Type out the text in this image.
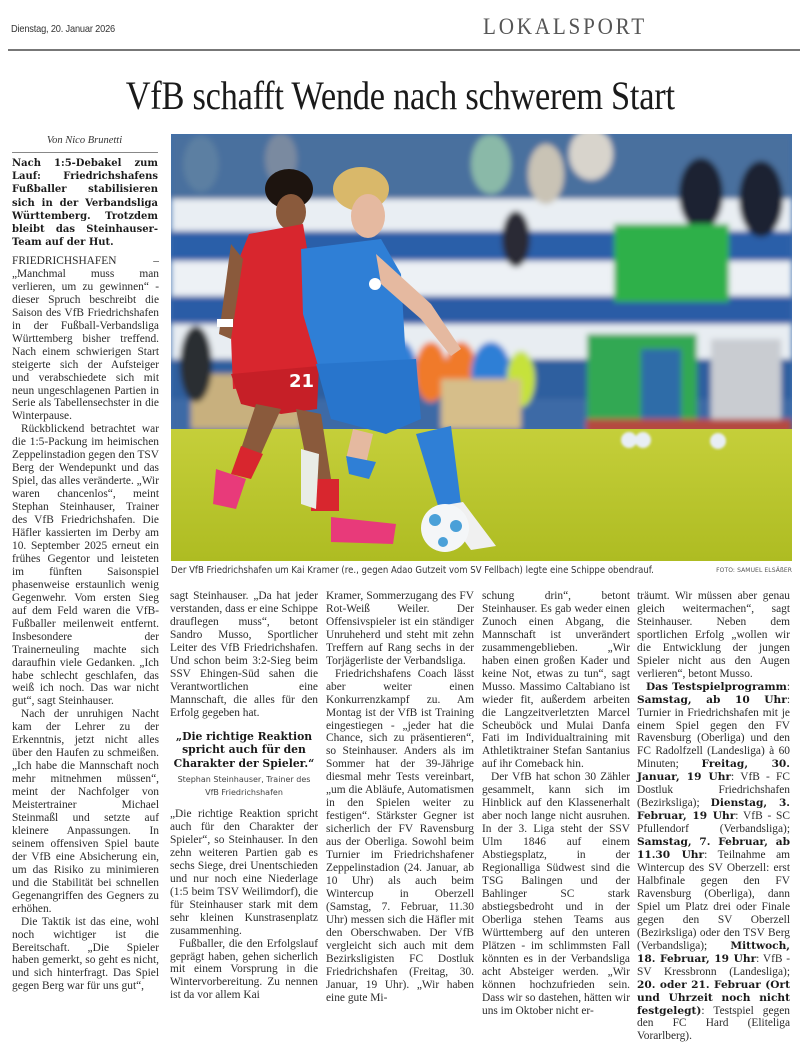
Dienstag, 20. Januar 2026	LOKALSPORT
VfB schafft Wende nach schwerem Start
Von Nico Brunetti
Nach 1:5-Debakel zum Lauf: Friedrichshafens Fußballer stabilisieren sich in der Verbandsliga Württemberg. Trotzdem bleibt das Steinhauser-Team auf der Hut.

FRIEDRICHSHAFEN	– „Manchmal muss man verlieren, um zu gewinnen“ - dieser Spruch beschreibt die Saison des VfB Friedrichshafen in der Fußball-Verbandsliga Württemberg bisher treffend. Nach einem schwierigen Start steigerte sich der Aufsteiger und verabschiedete sich mit neun ungeschlagenen Partien in Serie als Tabellensechster in die Winterpause.

Rückblickend betrachtet war die 1:5-Packung im heimischen Zeppelinstadion gegen den TSV Berg der Wendepunkt und das Spiel, das alles veränderte. „Wir waren chancenlos“, meint Stephan Steinhauser, Trainer des VfB Friedrichshafen. Die Häfler kassierten im Derby am 10. September 2025 erneut ein frühes Gegentor und leisteten im fünften Saisonspiel phasenweise erstaunlich wenig Gegenwehr. Vom ersten Sieg auf dem Feld waren die VfB-Fußballer meilenweit entfernt. Insbesondere der Trainerneuling machte sich daraufhin viele Gedanken. „Ich habe schlecht geschlafen, das weiß ich noch. Das war nicht gut“, sagt Steinhauser.

Nach der unruhigen Nacht kam der Lehrer zu der Erkenntnis, jetzt nicht alles über den Haufen zu schmeißen. „Ich habe die Mannschaft noch mehr mitnehmen müssen“, meint der Nachfolger von Meistertrainer Michael Steinmaßl und setzte auf kleinere Anpassungen. In seinem offensiven Spiel baute der VfB eine Absicherung ein, um das Risiko zu minimieren und die Stabilität bei schnellen Gegenangriffen des Gegners zu erhöhen.

Die Taktik ist das eine, wohl noch wichtiger ist die Bereitschaft. „Die Spieler haben gemerkt, so geht es nicht, und sich hinterfragt. Das Spiel gegen Berg war für uns gut“,

21
Der VfB Friedrichshafen um Kai Kramer (re., gegen Adao Gutzeit vom SV Fellbach) legte eine Schippe obendrauf.	FOTO: SAMUEL ELSÄßER

sagt Steinhauser. „Da hat jeder verstanden, dass er eine Schippe drauflegen muss“, betont Sandro Musso, Sportlicher Leiter des VfB Friedrichshafen. Und schon beim 3:2-Sieg beim SSV Ehingen-Süd sahen die Verantwortlichen eine Mannschaft, die alles für den Erfolg gegeben hat.

„Die richtige Reaktion spricht auch für den Charakter der Spieler.“
Stephan Steinhauser, Trainer des VfB Friedrichshafen

„Die richtige Reaktion spricht auch für den Charakter der Spieler“, so Steinhauser. In den zehn weiteren Partien gab es sechs Siege, drei Unentschieden und nur noch eine Niederlage (1:5 beim TSV Weilimdorf), die für Steinhauser stark mit dem sehr kleinen Kunstrasenplatz zusammenhing.

Fußballer, die den Erfolgslauf geprägt haben, gehen sicherlich mit einem Vorsprung in die Wintervorbereitung. Zu nennen ist da vor allem Kai

Kramer, Sommerzugang des FV Rot-Weiß Weiler. Der Offensivspieler ist ein ständiger Unruheherd und steht mit zehn Treffern auf Rang sechs in der Torjägerliste der Verbandsliga.

Friedrichshafens Coach lässt aber weiter einen Konkurrenzkampf zu. Am Montag ist der VfB ist Training eingestiegen - „jeder hat die Chance, sich zu präsentieren“, so Steinhauser. Anders als im Sommer hat der 39-Jährige diesmal mehr Tests vereinbart, „um die Abläufe, Automatismen in den Spielen weiter zu festigen“. Stärkster Gegner ist sicherlich der FV Ravensburg aus der Oberliga. Sowohl beim Turnier im Friedrichshafener Zeppelinstadion (24. Januar, ab 10 Uhr) als auch beim Wintercup in Oberzell (Samstag, 7. Februar, 11.30 Uhr) messen sich die Häfler mit den Oberschwaben. Der VfB vergleicht sich auch mit dem Bezirksligisten FC Dostluk Friedrichshafen (Freitag, 30. Januar, 19 Uhr). „Wir haben eine gute Mi-

schung drin“, betont Steinhauser. Es gab weder einen Zunoch einen Abgang, die Mannschaft ist unverändert zusammengeblieben. „Wir haben einen großen Kader und keine Not, etwas zu tun“, sagt Musso. Massimo Caltabiano ist wieder fit, außerdem arbeiten die Langzeitverletzten Marcel Scheuböck und Mulai Danfa Fati im Individualtraining mit Athletiktrainer Stefan Santanius auf ihr Comeback hin.

Der VfB hat schon 30 Zähler gesammelt, kann sich im Hinblick auf den Klassenerhalt aber noch lange nicht ausruhen. In der 3. Liga steht der SSV Ulm 1846 auf einem Abstiegsplatz, in der Regionalliga Südwest sind die TSG Balingen und der Bahlinger SC stark abstiegsbedroht und in der Oberliga stehen Teams aus Württemberg auf den unteren Plätzen - im schlimmsten Fall könnten es in der Verbandsliga acht Absteiger werden. „Wir können hochzufrieden sein. Dass wir so dastehen, hätten wir uns im Oktober nicht er-

träumt. Wir müssen aber genau gleich weitermachen“, sagt Steinhauser. Neben dem sportlichen Erfolg „wollen wir die Entwicklung der jungen Spieler nicht aus den Augen verlieren“, betont Musso.

Das Testspielprogramm: Samstag, ab 10 Uhr: Turnier in Friedrichshafen mit je einem Spiel gegen den FV Ravensburg (Oberliga) und den FC Radolfzell (Landesliga) à 60 Minuten; Freitag, 30. Januar, 19 Uhr: VfB - FC Dostluk Friedrichshafen (Bezirksliga); Dienstag, 3. Februar, 19 Uhr: VfB - SC Pfullendorf (Verbandsliga); Samstag, 7. Februar, ab 11.30 Uhr: Teilnahme am Wintercup des SV Oberzell: erst Halbfinale gegen den FV Ravensburg (Oberliga), dann Spiel um Platz drei oder Finale gegen den SV Oberzell (Bezirksliga) oder den TSV Berg (Verbandsliga); Mittwoch, 18. Februar, 19 Uhr: VfB - SV Kressbronn (Landesliga); 20. oder 21. Februar (Ort und Uhrzeit noch nicht festgelegt): Testspiel gegen den FC Hard (Eliteliga Vorarlberg).
